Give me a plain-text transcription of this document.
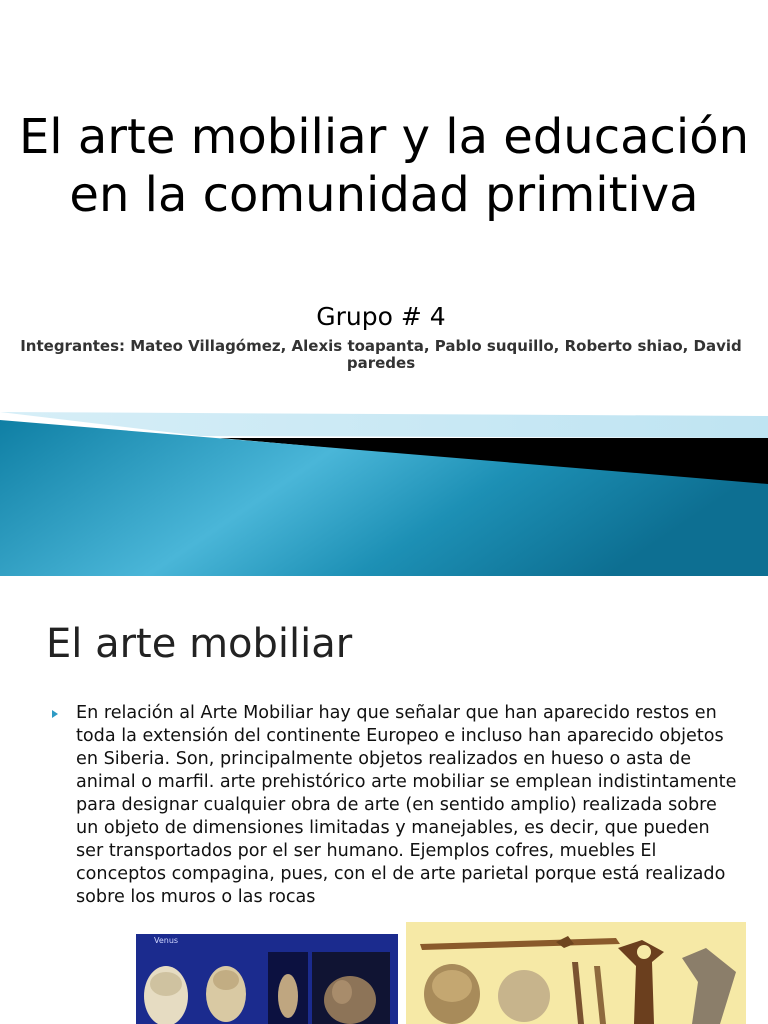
El arte mobiliar y la educación en la comunidad primitiva

Grupo # 4

Integrantes: Mateo Villagómez, Alexis toapanta, Pablo suquillo, Roberto shiao, David paredes

El arte mobiliar

En relación al Arte Mobiliar hay que señalar que han aparecido restos en toda la extensión del continente Europeo e incluso han aparecido objetos en Siberia. Son, principalmente objetos realizados en hueso o asta de animal o marfil. arte prehistórico arte mobiliar se emplean indistintamente para designar cualquier obra de arte (en sentido amplio) realizada sobre un objeto de dimensiones limitadas y manejables, es decir, que pueden ser transportados por el ser humano. Ejemplos cofres, muebles El conceptos compagina, pues, con el de arte parietal porque está realizado sobre los muros o las rocas

Venus
